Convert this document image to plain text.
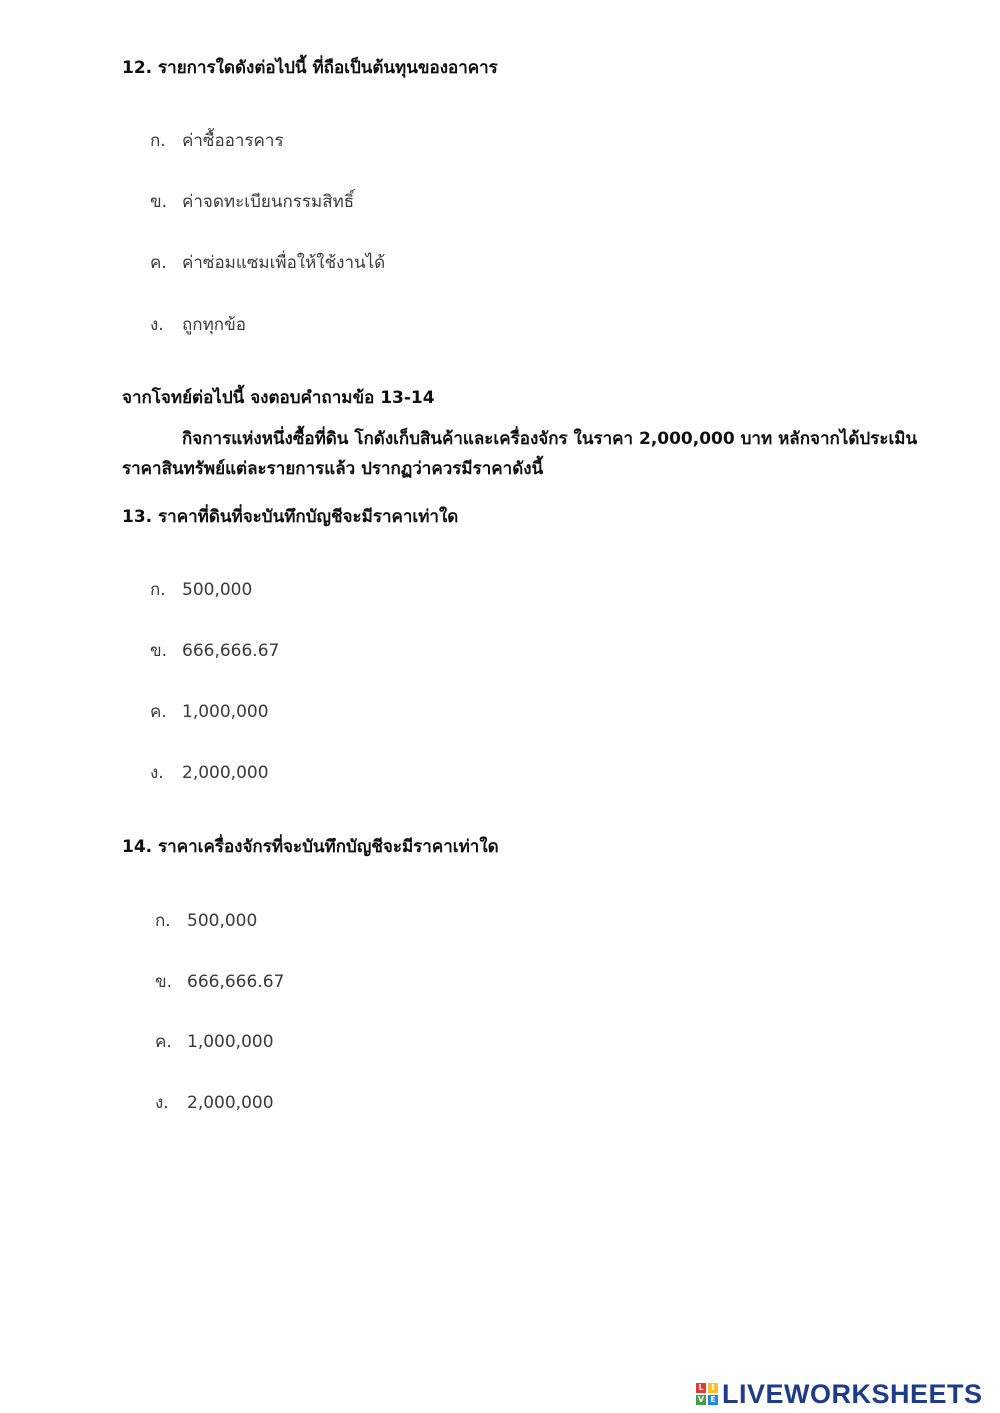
12. รายการใดดังต่อไปนี้ ที่ถือเป็นต้นทุนของอาคาร
ก. ค่าซื้ออารคาร
ข. ค่าจดทะเบียนกรรมสิทธิ์
ค. ค่าซ่อมแซมเพื่อให้ใช้งานได้
ง. ถูกทุกข้อ
จากโจทย์ต่อไปนี้ จงตอบคำถามข้อ 13-14
กิจการแห่งหนึ่งซื้อที่ดิน โกดังเก็บสินค้าและเครื่องจักร ในราคา 2,000,000 บาท หลักจากได้ประเมิน
ราคาสินทรัพย์แต่ละรายการแล้ว ปรากฏว่าควรมีราคาดังนี้
13. ราคาที่ดินที่จะบันทึกบัญชีจะมีราคาเท่าใด
ก. 500,000
ข. 666,666.67
ค. 1,000,000
ง. 2,000,000
14. ราคาเครื่องจักรที่จะบันทึกบัญชีจะมีราคาเท่าใด
ก. 500,000
ข. 666,666.67
ค. 1,000,000
ง. 2,000,000
L I
V E LIVEWORKSHEETS
